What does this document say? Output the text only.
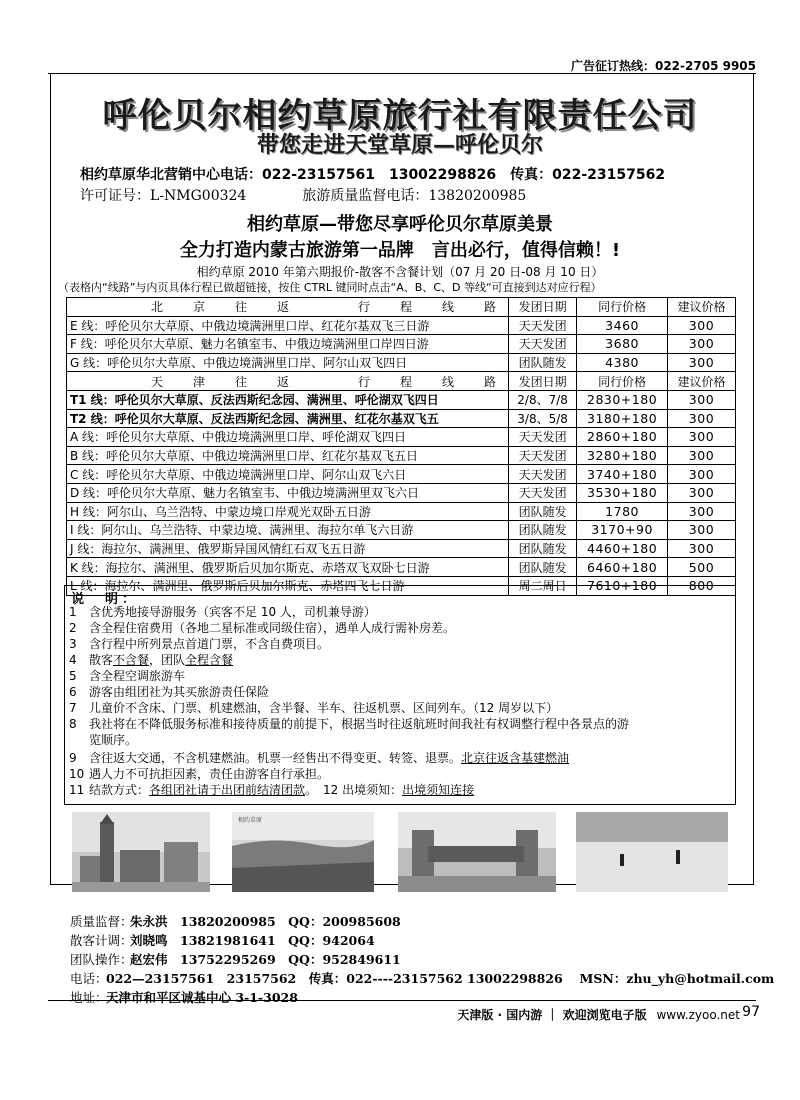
广告征订热线：022-2705 9905
呼伦贝尔相约草原旅行社有限责任公司
带您走进天堂草原—呼伦贝尔
相约草原华北营销中心电话：022-23157561　13002298826　传真：022-23157562
许可证号：L-NMG00324	旅游质量监督电话：13820200985
相约草原—带您尽享呼伦贝尔草原美景
全力打造内蒙古旅游第一品牌　言出必行，值得信赖！!
相约草原 2010 年第六期报价-散客不含餐计划（07 月 20 日-08 月 10 日）
（表格内“线路”与内页具体行程已做超链接，按住 CTRL 键同时点击“A、B、C、D 等线“可直接到达对应行程）
北　京　往　返 行　程　线　路	发团日期	同行价格	建议价格
E 线：呼伦贝尔大草原、中俄边境满洲里口岸、红花尔基双飞三日游	天天发团	3460	300
F 线：呼伦贝尔大草原、魅力名镇室韦、中俄边境满洲里口岸四日游	天天发团	3680	300
G 线：呼伦贝尔大草原、中俄边境满洲里口岸、阿尔山双飞四日	团队随发	4380	300
天　津　往　返 行　程　线　路	发团日期	同行价格	建议价格
T1 线：呼伦贝尔大草原、反法西斯纪念园、满洲里、呼伦湖双飞四日	2/8、7/8	2830+180	300
T2 线：呼伦贝尔大草原、反法西斯纪念园、满洲里、红花尔基双飞五	3/8、5/8	3180+180	300
A 线：呼伦贝尔大草原、中俄边境满洲里口岸、呼伦湖双飞四日	天天发团	2860+180	300
B 线：呼伦贝尔大草原、中俄边境满洲里口岸、红花尔基双飞五日	天天发团	3280+180	300
C 线：呼伦贝尔大草原、中俄边境满洲里口岸、阿尔山双飞六日	天天发团	3740+180	300
D 线：呼伦贝尔大草原、魅力名镇室韦、中俄边境满洲里双飞六日	天天发团	3530+180	300
H 线：阿尔山、乌兰浩特、中蒙边境口岸观光双卧五日游	团队随发	1780	300
I 线：阿尔山、乌兰浩特、中蒙边境、满洲里、海拉尔单飞六日游	团队随发	3170+90	300
J 线：海拉尔、满洲里、俄罗斯异国风情红石双飞五日游	团队随发	4460+180	300
K 线：海拉尔、满洲里、俄罗斯后贝加尔斯克、赤塔双飞双卧七日游	团队随发	6460+180	500
L 线：海拉尔、满洲里、俄罗斯后贝加尔斯克、赤塔四飞七日游	周二周日	7610+180	800
说　明：
1 含优秀地接导游服务（宾客不足 10 人，司机兼导游）
2 含全程住宿费用（各地二星标准或同级住宿），遇单人成行需补房差。
3 含行程中所列景点首道门票，不含自费项目。
4 散客不含餐，团队全程含餐
5 含全程空调旅游车
6 游客由组团社为其买旅游责任保险
7 儿童价不含床、门票、机建燃油，含半餐、半车、往返机票、区间列车。（12 周岁以下）
8 我社将在不降低服务标准和接待质量的前提下，根据当时往返航班时间我社有权调整行程中各景点的游
览顺序。
9 含往返大交通，不含机建燃油。机票一经售出不得变更、转签、退票。北京往返含基建燃油
10 遇人力不可抗拒因素，责任由游客自行承担。
11 结款方式：各组团社请于出团前结清团款。　12 出境须知：出境须知连接
相约草原
质量监督：朱永洪　13820200985　QQ：200985608
散客计调：刘晓鸣　13821981641　QQ：942064
团队操作：赵宏伟　13752295269　QQ：952849611
电话：022—23157561　23157562　传真：022----23157562 13002298826　 MSN：zhu_yh@hotmail.com
地址：天津市和平区诚基中心 3-1-3028
天津版 · 国内游 ｜ 欢迎浏览电子版 www.zyoo.net 97
